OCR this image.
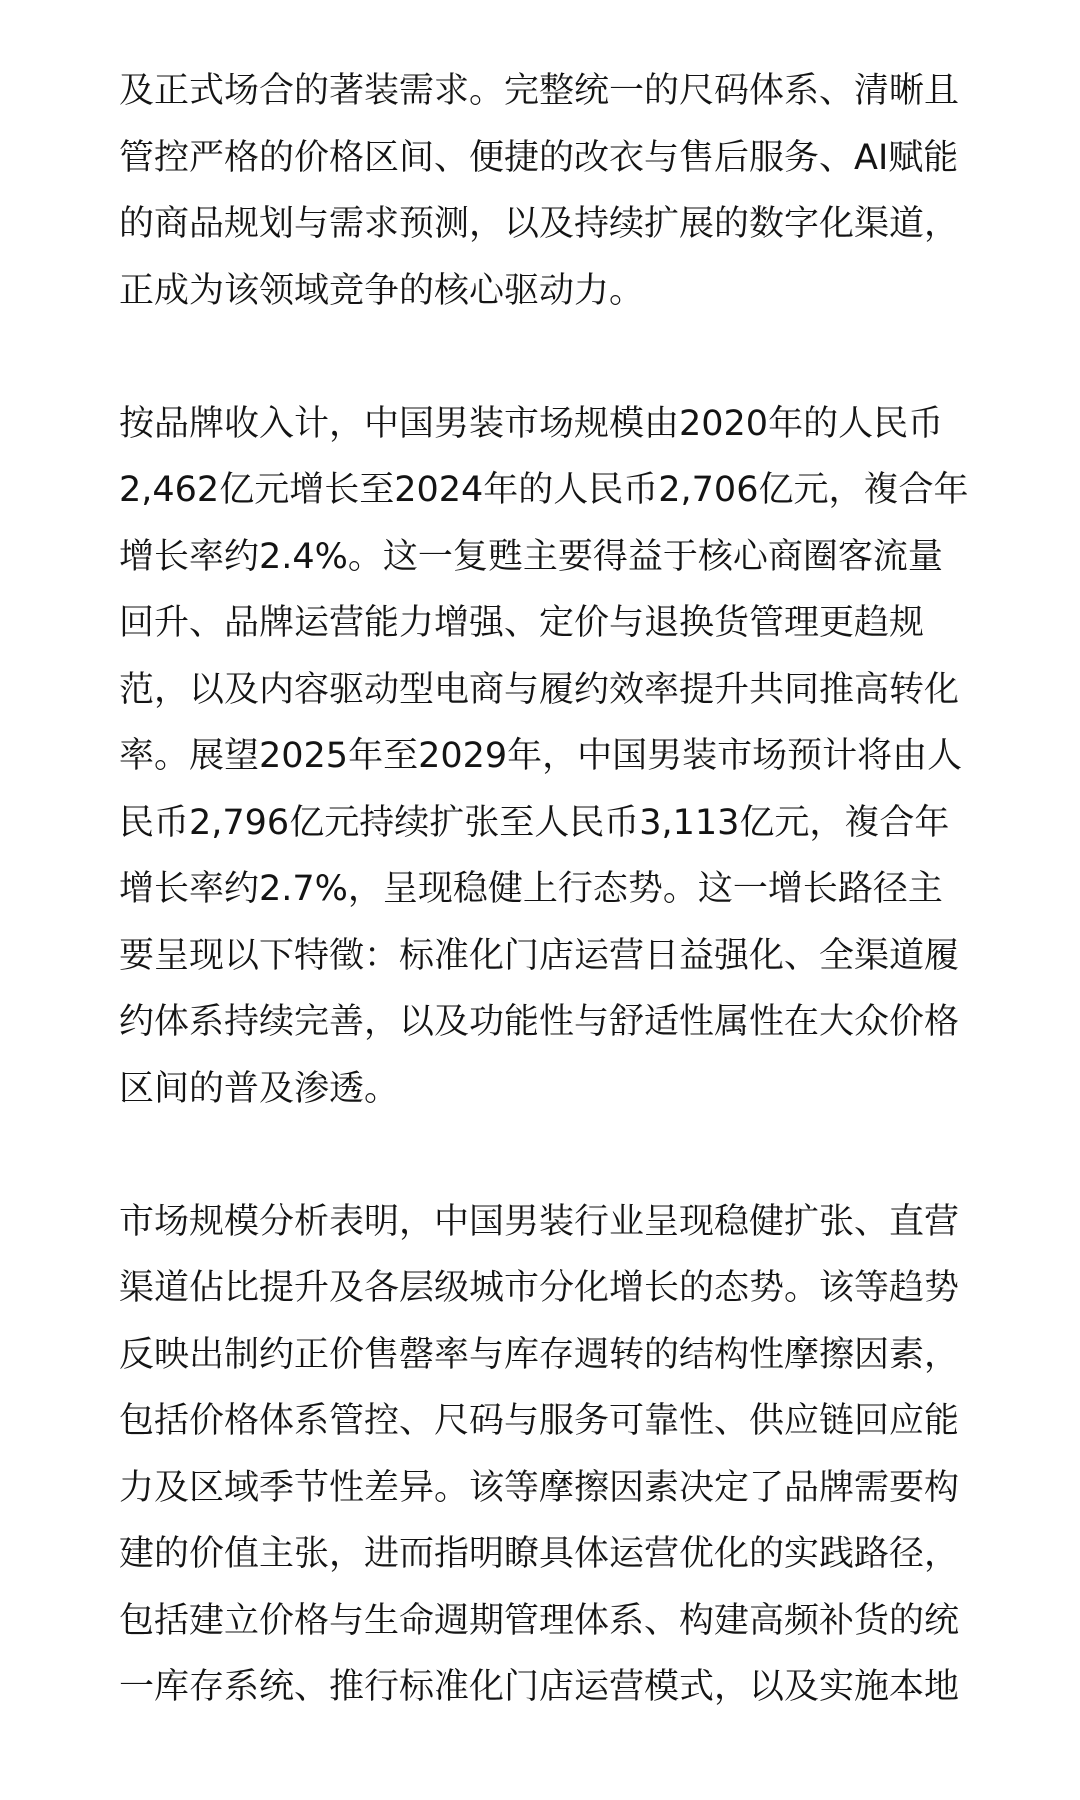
及正式场合的著装需求。完整统一的尺码体系、清晰且
管控严格的价格区间、便捷的改衣与售后服务、AI赋能
的商品规划与需求预测，以及持续扩展的数字化渠道，
正成为该领域竞争的核心驱动力。
按品牌收入计，中国男装市场规模由2020年的人民币
2,462亿元增长至2024年的人民币2,706亿元，複合年
增长率约2.4%。这一复甦主要得益于核心商圈客流量
回升、品牌运营能力增强、定价与退换货管理更趋规
范，以及内容驱动型电商与履约效率提升共同推高转化
率。展望2025年至2029年，中国男装市场预计将由人
民币2,796亿元持续扩张至人民币3,113亿元，複合年
增长率约2.7%，呈现稳健上行态势。这一增长路径主
要呈现以下特徵：标准化门店运营日益强化、全渠道履
约体系持续完善，以及功能性与舒适性属性在大众价格
区间的普及渗透。
市场规模分析表明，中国男装行业呈现稳健扩张、直营
渠道佔比提升及各层级城市分化增长的态势。该等趋势
反映出制约正价售罄率与库存週转的结构性摩擦因素，
包括价格体系管控、尺码与服务可靠性、供应链回应能
力及区域季节性差异。该等摩擦因素决定了品牌需要构
建的价值主张，进而指明瞭具体运营优化的实践路径，
包括建立价格与生命週期管理体系、构建高频补货的统
一库存系统、推行标准化门店运营模式，以及实施本地
